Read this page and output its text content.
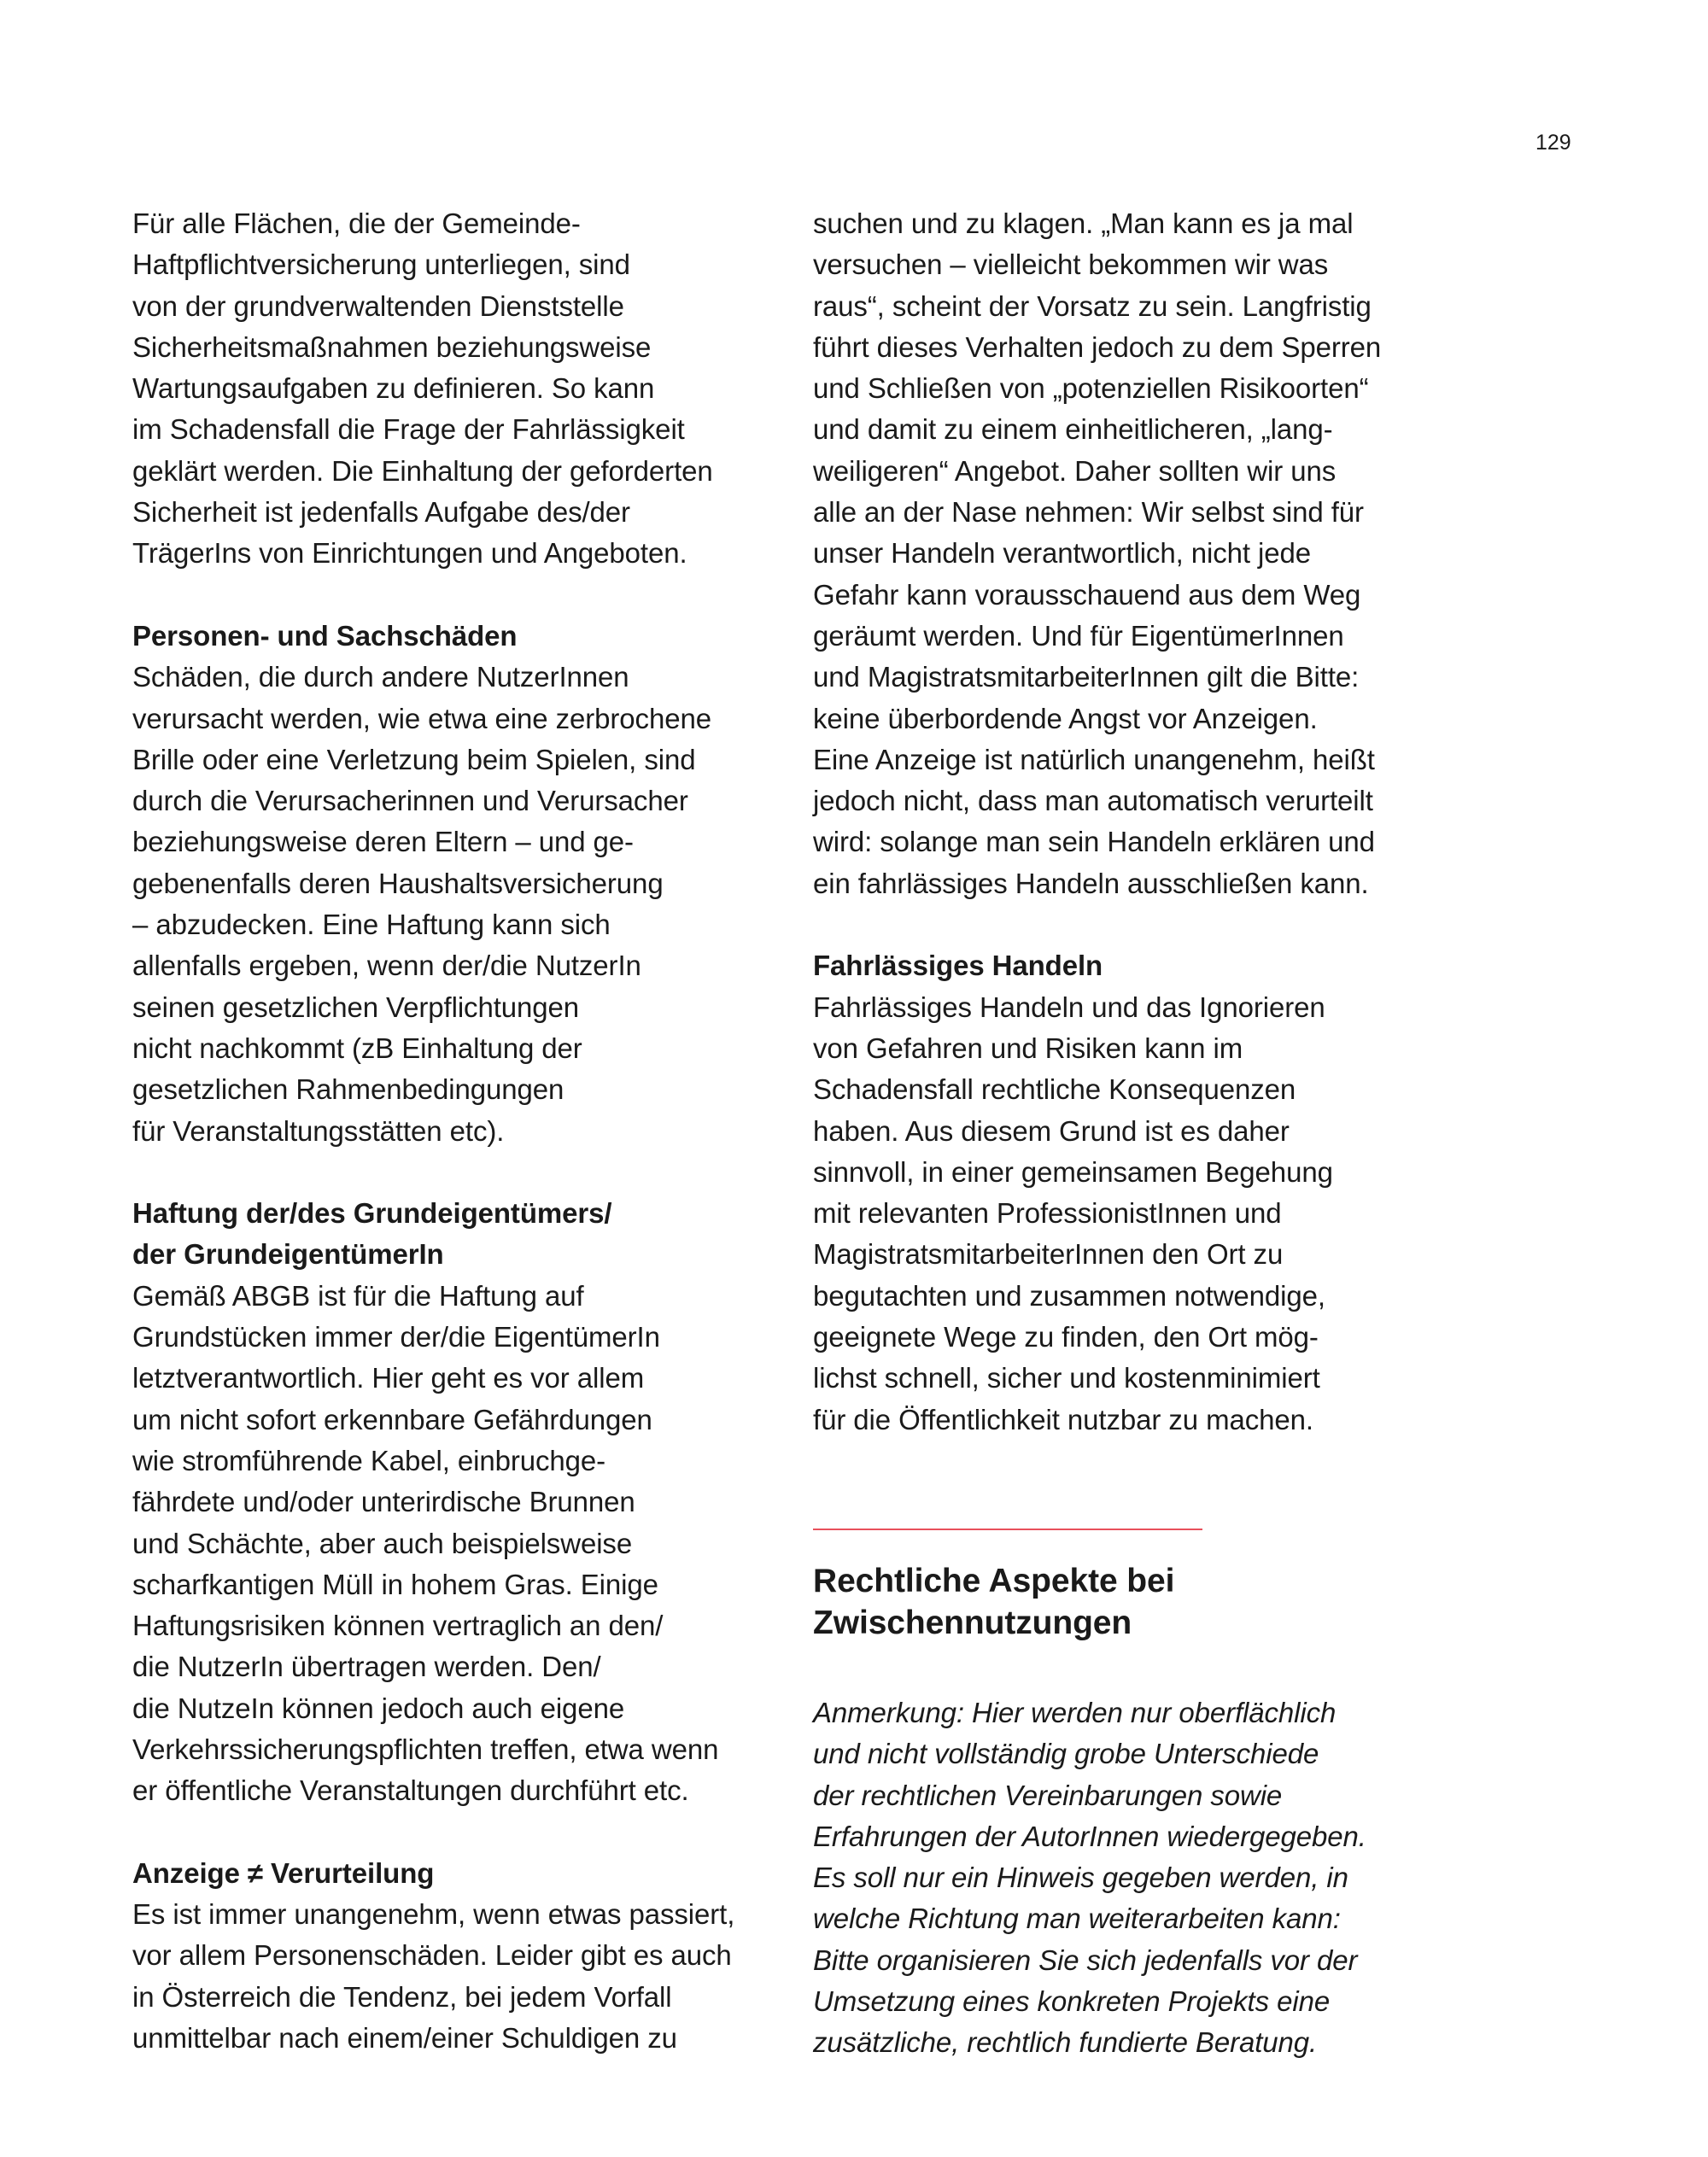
129
Für alle Flächen, die der Gemeinde-
Haftpflichtversicherung unterliegen, sind
von der grundverwaltenden Dienststelle
Sicherheitsmaßnahmen beziehungsweise
Wartungsaufgaben zu definieren. So kann
im Schadensfall die Frage der Fahrlässigkeit
geklärt werden. Die Einhaltung der geforderten
Sicherheit ist jedenfalls Aufgabe des/der
TrägerIns von Einrichtungen und Angeboten.
Personen- und Sachschäden
Schäden, die durch andere NutzerInnen
verursacht werden, wie etwa eine zerbrochene
Brille oder eine Verletzung beim Spielen, sind
durch die Verursacherinnen und Verursacher
beziehungsweise deren Eltern – und ge-
gebenenfalls deren Haushaltsversicherung
– abzudecken. Eine Haftung kann sich
allenfalls ergeben, wenn der/die NutzerIn
seinen gesetzlichen Verpflichtungen
nicht nachkommt (zB Einhaltung der
gesetzlichen Rahmenbedingungen
für Veranstaltungsstätten etc).
Haftung der/des Grundeigentümers/
der GrundeigentümerIn
Gemäß ABGB ist für die Haftung auf
Grundstücken immer der/die EigentümerIn
letztverantwortlich. Hier geht es vor allem
um nicht sofort erkennbare Gefährdungen
wie stromführende Kabel, einbruchge-
fährdete und/oder unterirdische Brunnen
und Schächte, aber auch beispielsweise
scharfkantigen Müll in hohem Gras. Einige
Haftungsrisiken können vertraglich an den/
die NutzerIn übertragen werden. Den/
die NutzeIn können jedoch auch eigene
Verkehrssicherungspflichten treffen, etwa wenn
er öffentliche Veranstaltungen durchführt etc.
Anzeige ≠ Verurteilung
Es ist immer unangenehm, wenn etwas passiert,
vor allem Personenschäden. Leider gibt es auch
in Österreich die Tendenz, bei jedem Vorfall
unmittelbar nach einem/einer Schuldigen zu
suchen und zu klagen. „Man kann es ja mal
versuchen – vielleicht bekommen wir was
raus“, scheint der Vorsatz zu sein. Langfristig
führt dieses Verhalten jedoch zu dem Sperren
und Schließen von „potenziellen Risikoorten“
und damit zu einem einheitlicheren, „lang-
weiligeren“ Angebot. Daher sollten wir uns
alle an der Nase nehmen: Wir selbst sind für
unser Handeln verantwortlich, nicht jede
Gefahr kann vorausschauend aus dem Weg
geräumt werden. Und für EigentümerInnen
und MagistratsmitarbeiterInnen gilt die Bitte:
keine überbordende Angst vor Anzeigen.
Eine Anzeige ist natürlich unangenehm, heißt
jedoch nicht, dass man automatisch verurteilt
wird: solange man sein Handeln erklären und
ein fahrlässiges Handeln ausschließen kann.
Fahrlässiges Handeln
Fahrlässiges Handeln und das Ignorieren
von Gefahren und Risiken kann im
Schadensfall rechtliche Konsequenzen
haben. Aus diesem Grund ist es daher
sinnvoll, in einer gemeinsamen Begehung
mit relevanten ProfessionistInnen und
MagistratsmitarbeiterInnen den Ort zu
begutachten und zusammen notwendige,
geeignete Wege zu finden, den Ort mög-
lichst schnell, sicher und kostenminimiert
für die Öffentlichkeit nutzbar zu machen.
Rechtliche Aspekte bei
Zwischennutzungen
Anmerkung: Hier werden nur oberflächlich
und nicht vollständig grobe Unterschiede
der rechtlichen Vereinbarungen sowie
Erfahrungen der AutorInnen wiedergegeben.
Es soll nur ein Hinweis gegeben werden, in
welche Richtung man weiterarbeiten kann:
Bitte organisieren Sie sich jedenfalls vor der
Umsetzung eines konkreten Projekts eine
zusätzliche, rechtlich fundierte Beratung.
